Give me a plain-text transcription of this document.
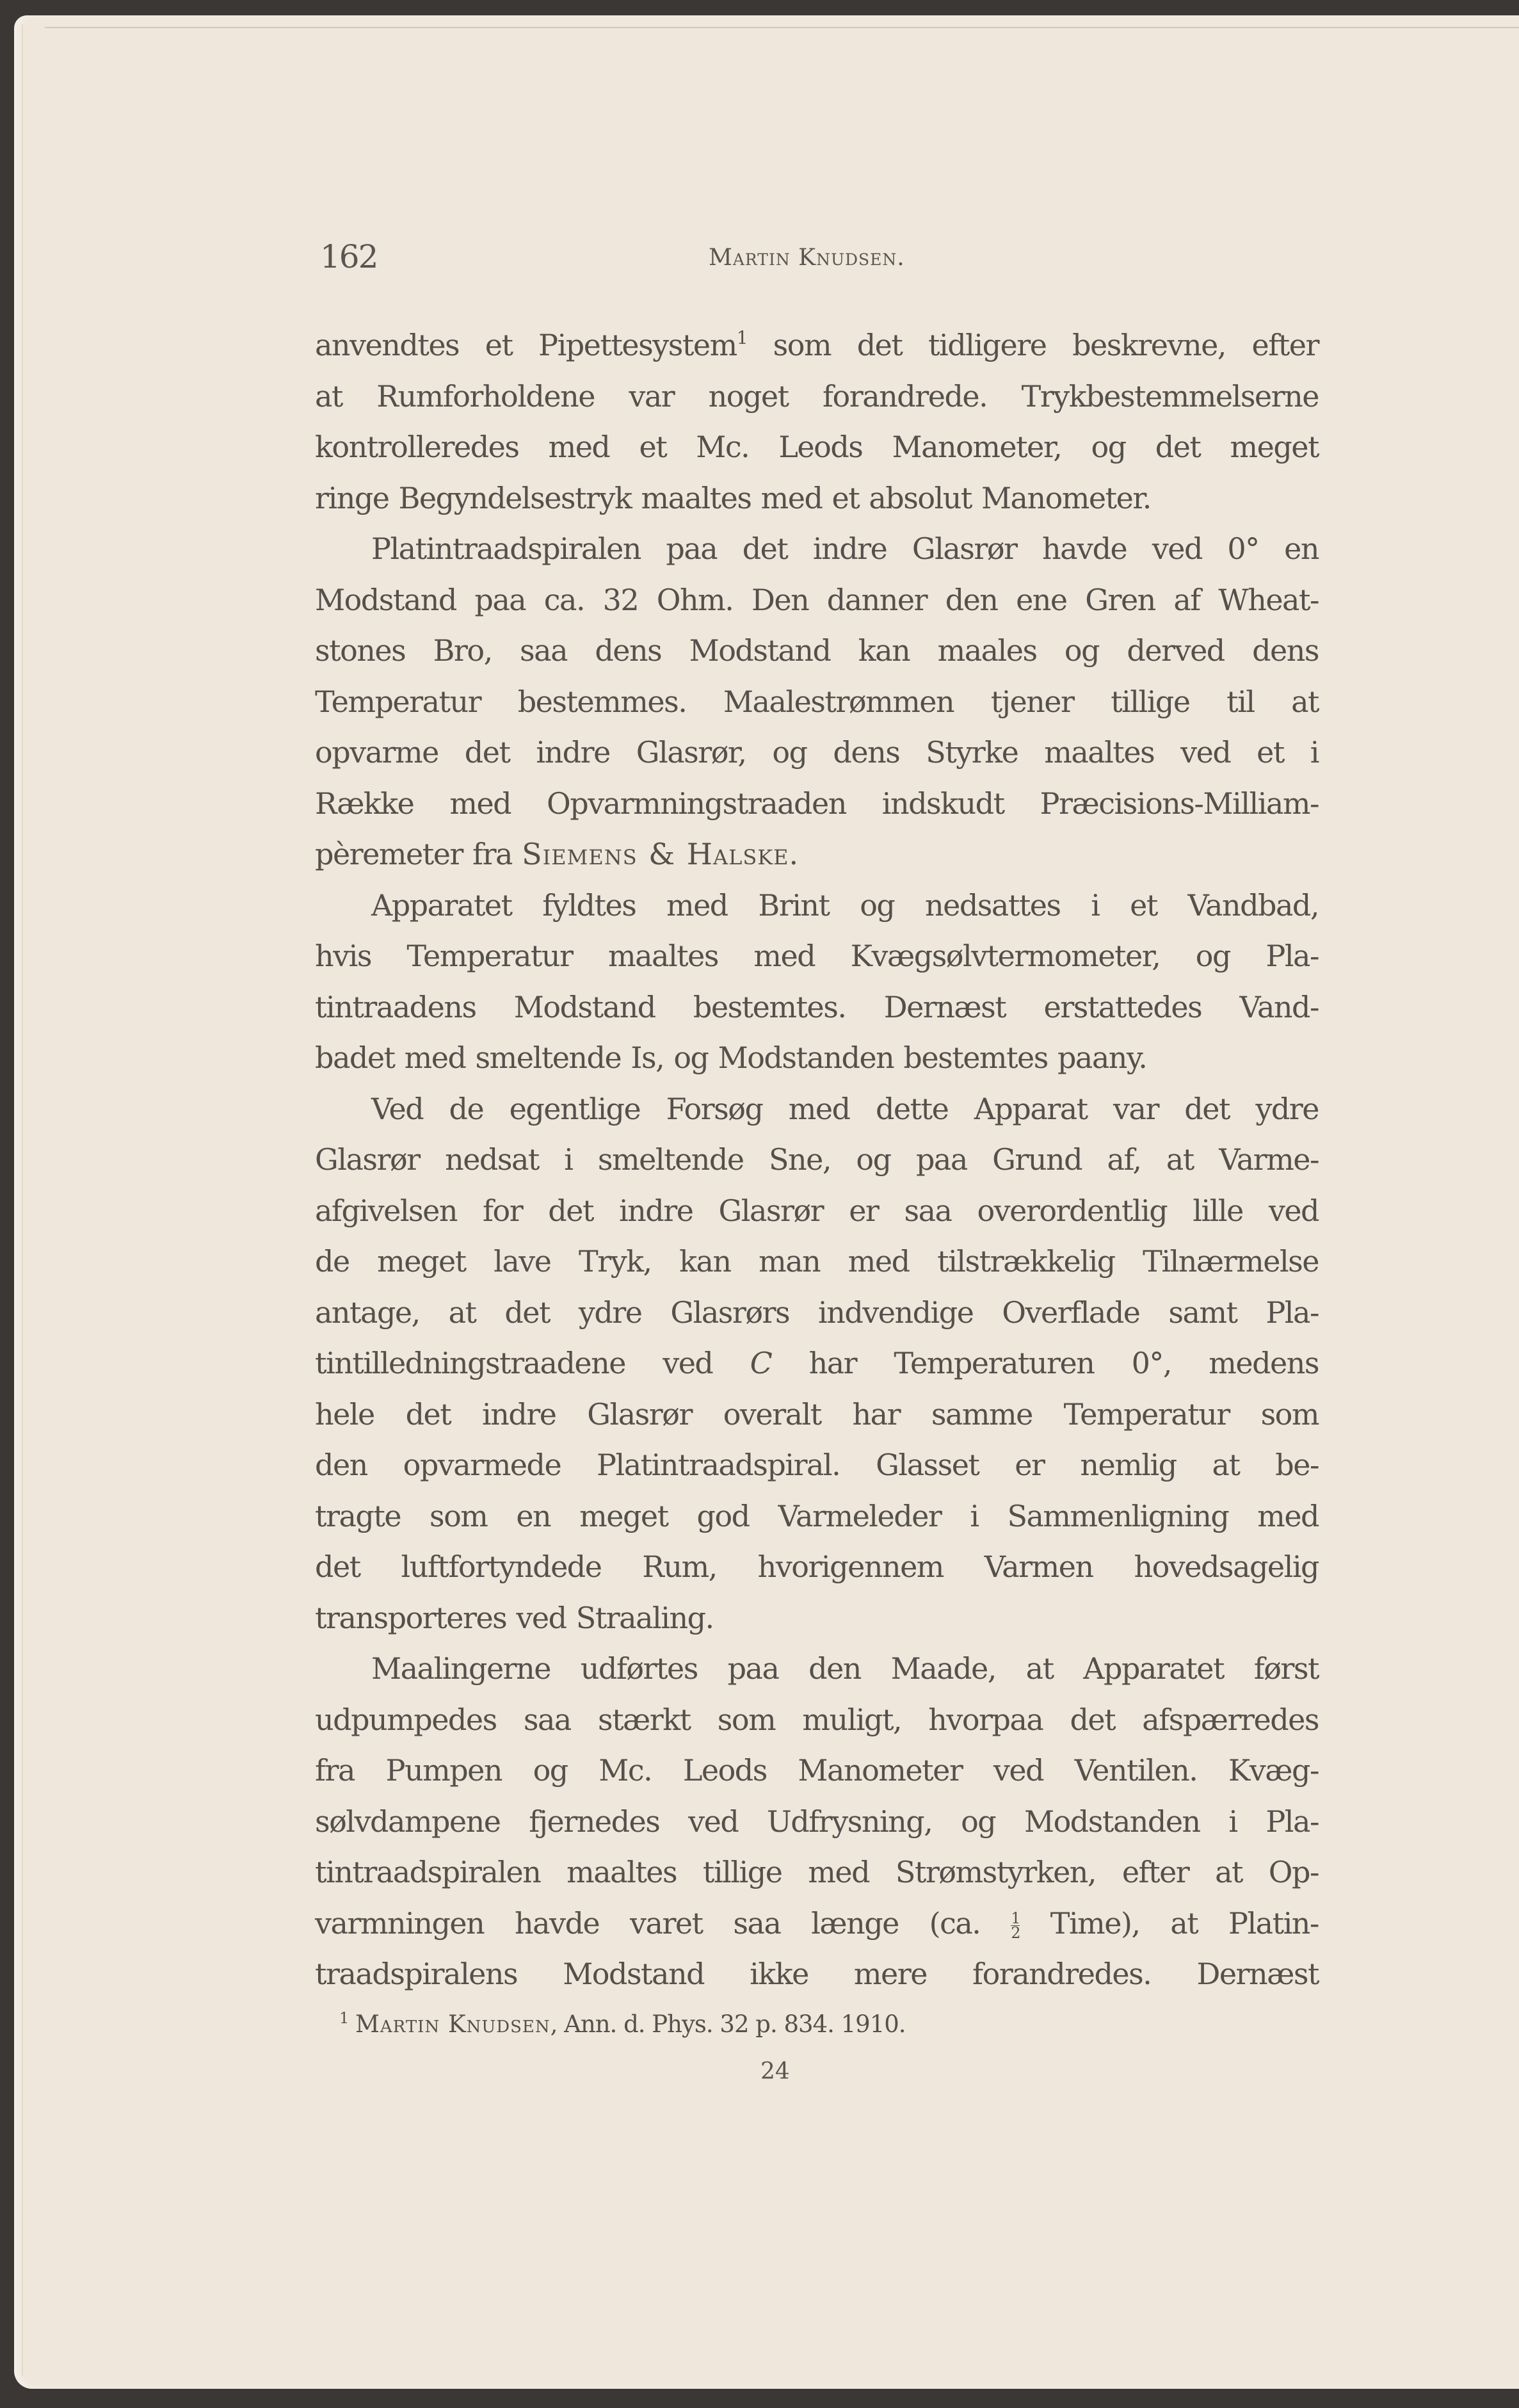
162	Martin Knudsen.

anvendtes et Pipettesystem$^1$ som det tidligere beskrevne, efter
at Rumforholdene var noget forandrede. Trykbestemmelserne
kontrolleredes med et Mc. Leods Manometer, og det meget
ringe Begyndelsestryk maaltes med et absolut Manometer.

Platintraadspiralen paa det indre Glasrør havde ved 0° en
Modstand paa ca. 32 Ohm. Den danner den ene Gren af Wheat-
stones Bro, saa dens Modstand kan maales og derved dens
Temperatur bestemmes. Maalestrømmen tjener tillige til at
opvarme det indre Glasrør, og dens Styrke maaltes ved et i
Række med Opvarmningstraaden indskudt Præcisions-Milliam-
pèremeter fra Siemens & Halske.

Apparatet fyldtes med Brint og nedsattes i et Vandbad,
hvis Temperatur maaltes med Kvægsølvtermometer, og Pla-
tintraadens Modstand bestemtes. Dernæst erstattedes Vand-
badet med smeltende Is, og Modstanden bestemtes paany.

Ved de egentlige Forsøg med dette Apparat var det ydre
Glasrør nedsat i smeltende Sne, og paa Grund af, at Varme-
afgivelsen for det indre Glasrør er saa overordentlig lille ved
de meget lave Tryk, kan man med tilstrækkelig Tilnærmelse
antage, at det ydre Glasrørs indvendige Overflade samt Pla-
tintilledningstraadene ved C har Temperaturen 0°, medens
hele det indre Glasrør overalt har samme Temperatur som
den opvarmede Platintraadspiral. Glasset er nemlig at be-
tragte som en meget god Varmeleder i Sammenligning med
det luftfortyndede Rum, hvorigennem Varmen hovedsagelig
transporteres ved Straaling.

Maalingerne udførtes paa den Maade, at Apparatet først
udpumpedes saa stærkt som muligt, hvorpaa det afspærredes
fra Pumpen og Mc. Leods Manometer ved Ventilen. Kvæg-
sølvdampene fjernedes ved Udfrysning, og Modstanden i Pla-
tintraadspiralen maaltes tillige med Strømstyrken, efter at Op-
varmningen havde varet saa længe (ca. $\frac{1}{2}$ Time), at Platin-
traadspiralens Modstand ikke mere forandredes. Dernæst

$^1$ Martin Knudsen, Ann. d. Phys. 32 p. 834. 1910.
24
